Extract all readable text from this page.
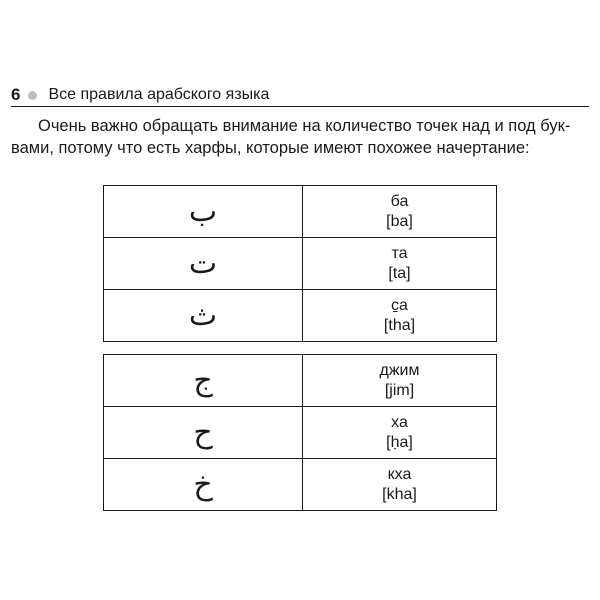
6 Все правила арабского языка
Очень важно обращать внимание на количество точек над и под бук-
вами, потому что есть харфы, которые имеют похожее начертание:
ب	ба
[ba]

ت	та
[ta]

ث	c̱а
[tha]
ج	джим
[jim]

ح	ха
[ḥa]

خ	кха
[kha]
